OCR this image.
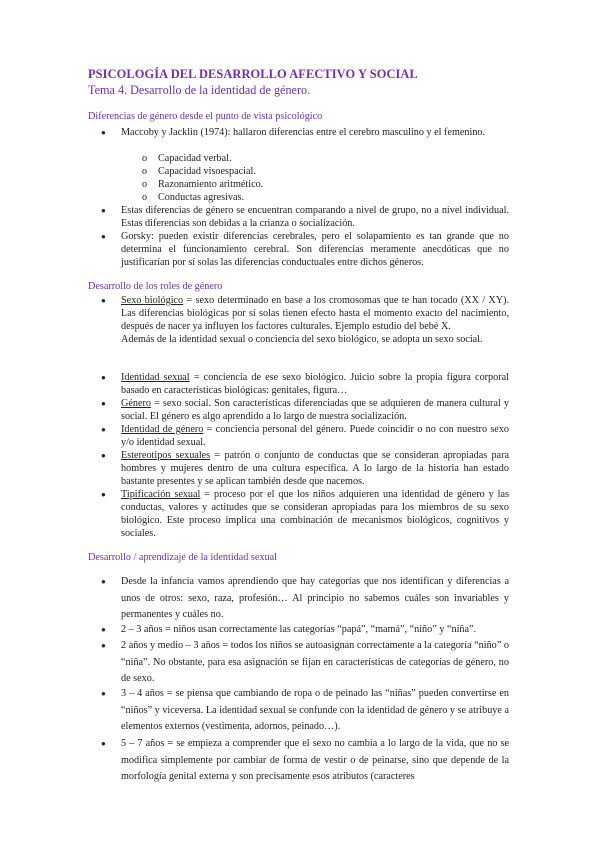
PSICOLOGÍA DEL DESARROLLO AFECTIVO Y SOCIAL
Tema 4. Desarrollo de la identidad de género.
Diferencias de género desde el punto de vista psicológico
● Maccoby y Jacklin (1974): hallaron diferencias entre el cerebro masculino y el femenino.
o Capacidad verbal.
o Capacidad visoespacial.
o Razonamiento aritmético.
o Conductas agresivas.
● Estas diferencias de género se encuentran comparando a nivel de grupo, no a nivel individual. Estas diferencias son debidas a la crianza o socialización.
● Gorsky: pueden existir diferencias cerebrales, pero el solapamiento es tan grande que no determina el funcionamiento cerebral. Son diferencias meramente anecdóticas que no justificarían por sí solas las diferencias conductuales entre dichos géneros.
Desarrollo de los roles de género
● Sexo biológico = sexo determinado en base a los cromosomas que te han tocado (XX / XY). Las diferencias biológicas por sí solas tienen efecto hasta el momento exacto del nacimiento, después de nacer ya influyen los factores culturales. Ejemplo estudio del bebé X.
Además de la identidad sexual o conciencia del sexo biológico, se adopta un sexo social.
● Identidad sexual = conciencia de ese sexo biológico. Juicio sobre la propia figura corporal basado en características biológicas: genitales, figura…
● Género = sexo social. Son características diferenciadas que se adquieren de manera cultural y social. El género es algo aprendido a lo largo de nuestra socialización.
● Identidad de género = conciencia personal del género. Puede coincidir o no con nuestro sexo y/o identidad sexual.
● Estereotipos sexuales = patrón o conjunto de conductas que se consideran apropiadas para hombres y mujeres dentro de una cultura específica. A lo largo de la historia han estado bastante presentes y se aplican también desde que nacemos.
● Tipificación sexual = proceso por el que los niños adquieren una identidad de género y las conductas, valores y actitudes que se consideran apropiadas para los miembros de su sexo biológico. Este proceso implica una combinación de mecanismos biológicos, cognitivos y sociales.
Desarrollo / aprendizaje de la identidad sexual
● Desde la infancia vamos aprendiendo que hay categorías que nos identifican y diferencias a unos de otros: sexo, raza, profesión… Al principio no sabemos cuáles son invariables y permanentes y cuáles no.
● 2 – 3 años = niños usan correctamente las categorías “papá”, “mamá”, “niño” y “niña”.
● 2 años y medio – 3 años = todos los niños se autoasignan correctamente a la categoría “niño” o “niña”. No obstante, para esa asignación se fijan en características de categorías de género, no de sexo.
● 3 – 4 años = se piensa que cambiando de ropa o de peinado las “niñas” pueden convertirse en “niños” y viceversa. La identidad sexual se confunde con la identidad de género y se atribuye a elementos externos (vestimenta, adornos, peinado…).
● 5 – 7 años = se empieza a comprender que el sexo no cambia a lo largo de la vida, que no se modifica simplemente por cambiar de forma de vestir o de peinarse, sino que depende de la morfología genital externa y son precisamente esos atributos (caracteres
